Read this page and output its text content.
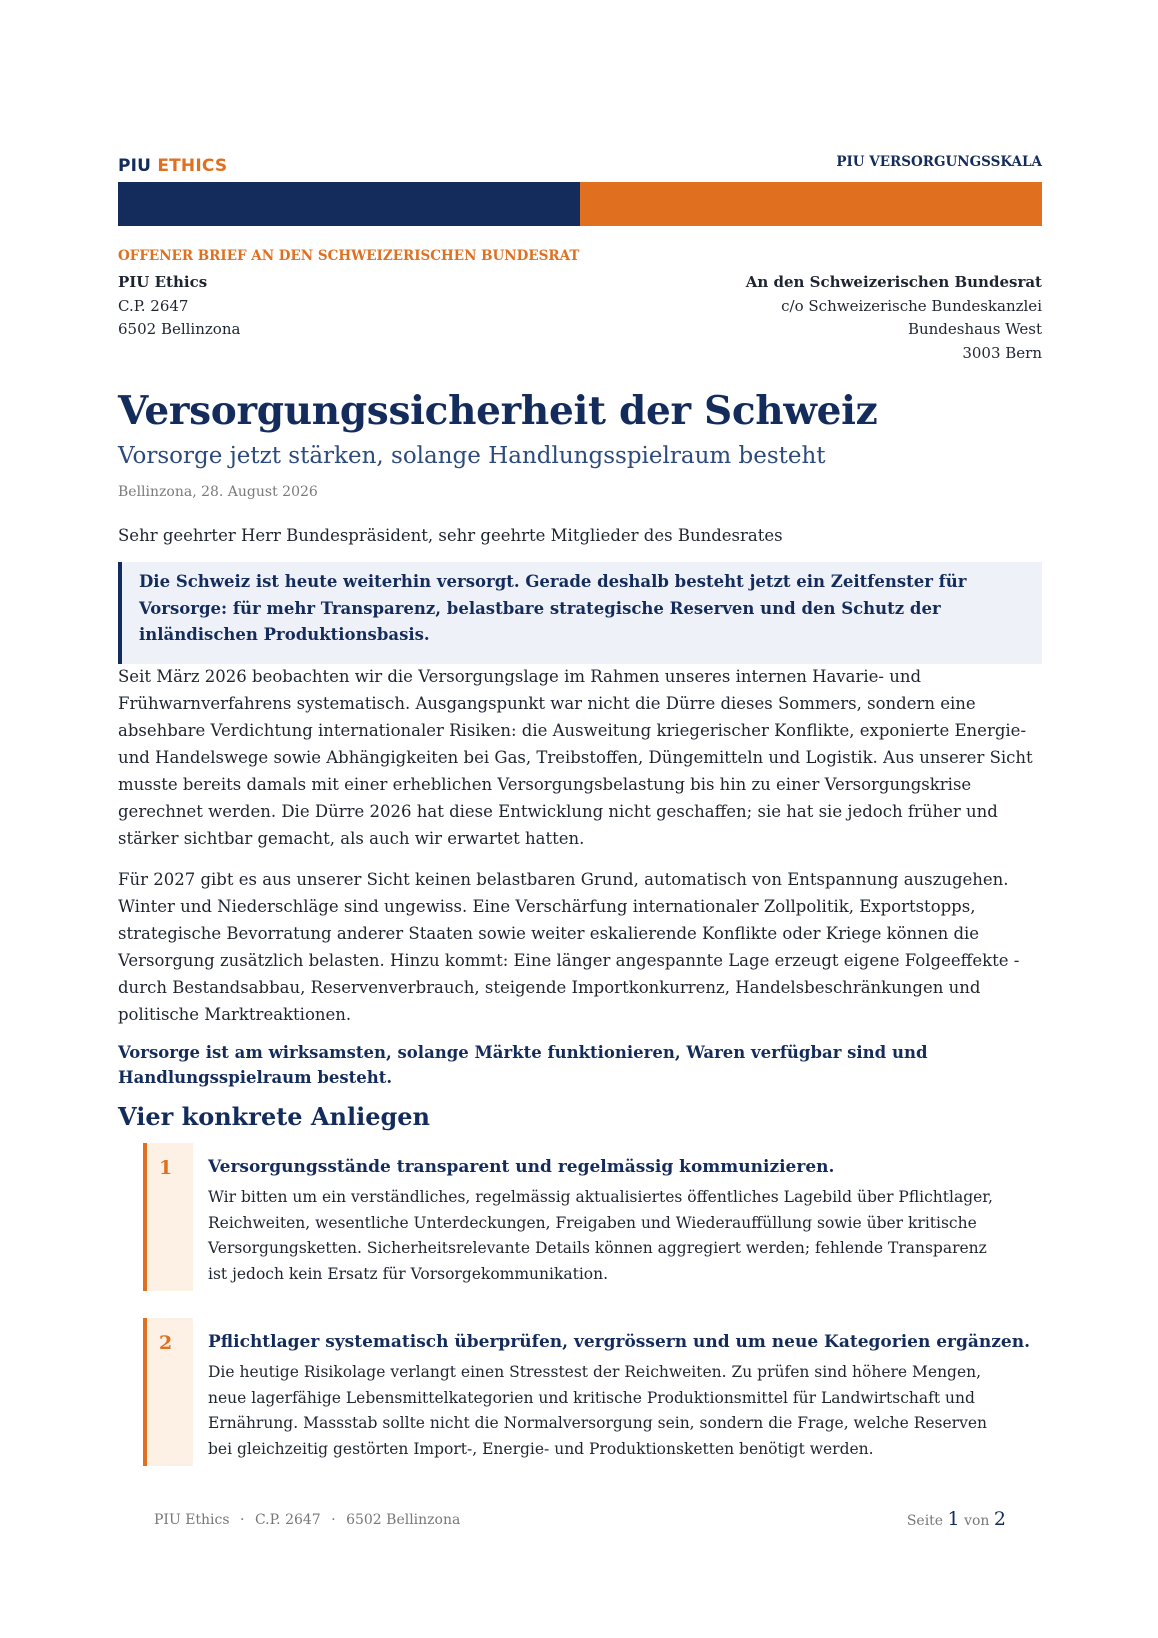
PIU ETHICS	PIU VERSORGUNGSSKALA
OFFENER BRIEF AN DEN SCHWEIZERISCHEN BUNDESRAT
PIU Ethics
C.P. 2647
6502 Bellinzona
An den Schweizerischen Bundesrat
c/o Schweizerische Bundeskanzlei
Bundeshaus West
3003 Bern
Versorgungssicherheit der Schweiz
Vorsorge jetzt stärken, solange Handlungsspielraum besteht
Bellinzona, 28. August 2026
Sehr geehrter Herr Bundespräsident, sehr geehrte Mitglieder des Bundesrates

Die Schweiz ist heute weiterhin versorgt. Gerade deshalb besteht jetzt ein Zeitfenster für Vorsorge: für mehr Transparenz, belastbare strategische Reserven und den Schutz der inländischen Produktionsbasis.

Seit März 2026 beobachten wir die Versorgungslage im Rahmen unseres internen Havarie- und Frühwarnverfahrens systematisch. Ausgangspunkt war nicht die Dürre dieses Sommers, sondern eine absehbare Verdichtung internationaler Risiken: die Ausweitung kriegerischer Konflikte, exponierte Energie- und Handelswege sowie Abhängigkeiten bei Gas, Treibstoffen, Düngemitteln und Logistik. Aus unserer Sicht musste bereits damals mit einer erheblichen Versorgungsbelastung bis hin zu einer Versorgungskrise gerechnet werden. Die Dürre 2026 hat diese Entwicklung nicht geschaffen; sie hat sie jedoch früher und stärker sichtbar gemacht, als auch wir erwartet hatten.

Für 2027 gibt es aus unserer Sicht keinen belastbaren Grund, automatisch von Entspannung auszugehen. Winter und Niederschläge sind ungewiss. Eine Verschärfung internationaler Zollpolitik, Exportstopps, strategische Bevorratung anderer Staaten sowie weiter eskalierende Konflikte oder Kriege können die Versorgung zusätzlich belasten. Hinzu kommt: Eine länger angespannte Lage erzeugt eigene Folgeeffekte - durch Bestandsabbau, Reservenverbrauch, steigende Importkonkurrenz, Handelsbeschränkungen und politische Marktreaktionen.

Vorsorge ist am wirksamsten, solange Märkte funktionieren, Waren verfügbar sind und Handlungsspielraum besteht.

Vier konkrete Anliegen
1 Versorgungsstände transparent und regelmässig kommunizieren.

Wir bitten um ein verständliches, regelmässig aktualisiertes öffentliches Lagebild über Pflichtlager, Reichweiten, wesentliche Unterdeckungen, Freigaben und Wiederauffüllung sowie über kritische Versorgungsketten. Sicherheitsrelevante Details können aggregiert werden; fehlende Transparenz ist jedoch kein Ersatz für Vorsorgekommunikation.

2 Pflichtlager systematisch überprüfen, vergrössern und um neue Kategorien ergänzen.

Die heutige Risikolage verlangt einen Stresstest der Reichweiten. Zu prüfen sind höhere Mengen, neue lagerfähige Lebensmittelkategorien und kritische Produktionsmittel für Landwirtschaft und Ernährung. Massstab sollte nicht die Normalversorgung sein, sondern die Frage, welche Reserven bei gleichzeitig gestörten Import-, Energie- und Produktionsketten benötigt werden.

PIU Ethics · C.P. 2647 · 6502 Bellinzona	Seite 1 von 2
